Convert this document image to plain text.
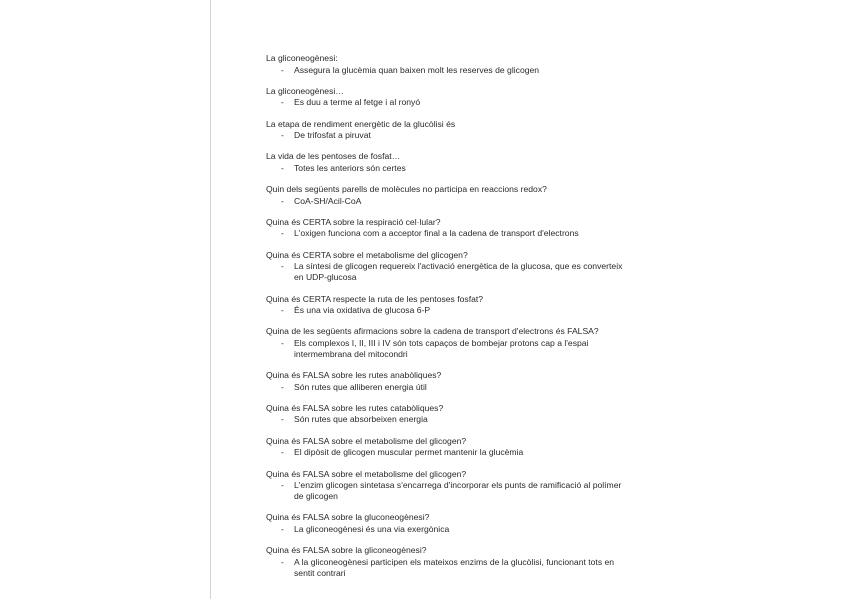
La gliconeogènesi:
- Assegura la glucèmia quan baixen molt les reserves de glicogen
La gliconeogènesi…
- Es duu a terme al fetge i al ronyó
La etapa de rendiment energètic de la glucòlisi és
- De trifosfat a piruvat
La vida de les pentoses de fosfat…
- Totes les anteriors són certes
Quin dels següents parells de molècules no participa en reaccions redox?
- CoA-SH/Acil-CoA
Quina és CERTA sobre la respiració cel·lular?
- L'oxigen funciona com a acceptor final a la cadena de transport d'electrons
Quina és CERTA sobre el metabolisme del glicogen?
- La síntesi de glicogen requereix l'activació energètica de la glucosa, que es converteix en UDP-glucosa
Quina és CERTA respecte la ruta de les pentoses fosfat?
- És una via oxidativa de glucosa 6-P
Quina de les següents afirmacions sobre la cadena de transport d'electrons és FALSA?
- Els complexos I, II, III i IV són tots capaços de bombejar protons cap a l'espai intermembrana del mitocondri
Quina és FALSA sobre les rutes anabòliques?
- Són rutes que alliberen energia útil
Quina és FALSA sobre les rutes catabòliques?
- Són rutes que absorbeixen energia
Quina és FALSA sobre el metabolisme del glicogen?
- El dipòsit de glicogen muscular permet mantenir la glucèmia
Quina és FALSA sobre el metabolisme del glicogen?
- L'enzim glicogen sintetasa s'encarrega d'incorporar els punts de ramificació al polímer de glicogen
Quina és FALSA sobre la gluconeogènesi?
- La gliconeogènesi és una via exergònica
Quina és FALSA sobre la gliconeogènesi?
- A la gliconeogènesi participen els mateixos enzims de la glucòlisi, funcionant tots en sentit contrari
